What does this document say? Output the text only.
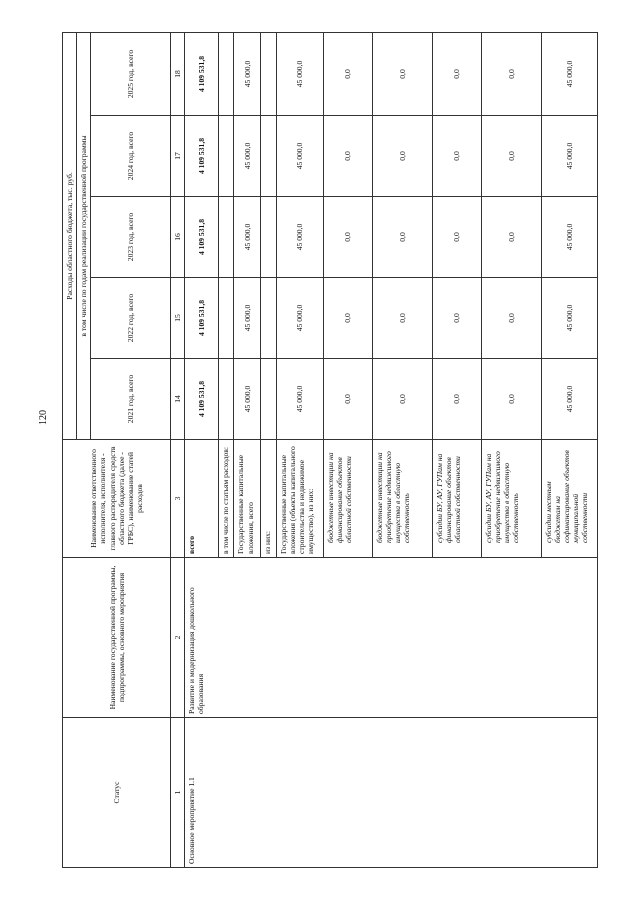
120
Статус	Наименование государственной программы, подпрограммы, основного мероприятия	Наименование ответственного исполнителя, исполнителя - главного распорядителя средств областного бюджета (далее - ГРБС), наименование статей расходов	Расходы областного бюджета, тыс. руб.				
			в том числе по годам реализации государственной программы				
			2021 год, всего	2022 год, всего	2023 год, всего	2024 год, всего	2025 год, всего
1	2	3	14	15	16	17	18
Основное мероприятие 1.1	Развитие и модернизация дошкольного образования	всего	4 109 531,8	4 109 531,8	4 109 531,8	4 109 531,8	4 109 531,8
		в том числе по статьям расходов:					
		Государственные капитальные вложения, всего	45 000,0	45 000,0	45 000,0	45 000,0	45 000,0
		из них:					
		Государственные капитальные вложения (объекты капитального строительства и недвижимое имущество), из них:	45 000,0	45 000,0	45 000,0	45 000,0	45 000,0
		бюджетные инвестиции на финансирование объектов областной собственности	0,0	0,0	0,0	0,0	0,0
		бюджетные инвестиции на приобретение недвижимого имущества в областную собственность	0,0	0,0	0,0	0,0	0,0
		субсидии БУ, АУ, ГУПам на финансирование объектов областной собственности	0,0	0,0	0,0	0,0	0,0
		субсидии БУ, АУ, ГУПам на приобретение недвижимого имущества в областную собственность	0,0	0,0	0,0	0,0	0,0
		субсидии местным бюджетам на софинансирование объектов муниципальной собственности	45 000,0	45 000,0	45 000,0	45 000,0	45 000,0
